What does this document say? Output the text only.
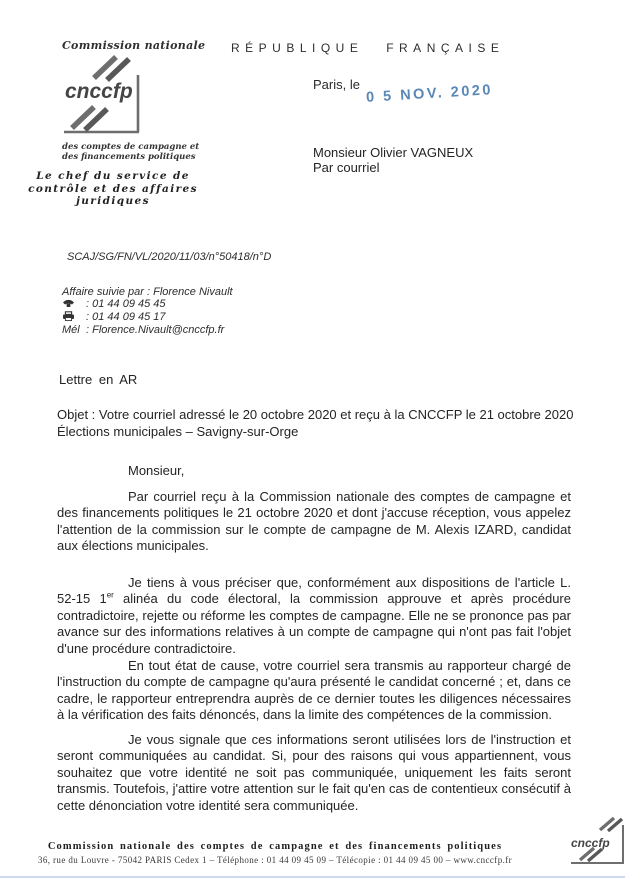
Commission nationale
cnccfp
des comptes de campagne et
des financements politiques
Le chef du service de
contrôle et des affaires
juridiques
RÉPUBLIQUE FRANÇAISE
Paris, le 0 5 NOV. 2020
Monsieur Olivier VAGNEUX
Par courriel
SCAJ/SG/FN/VL/2020/11/03/n°50418/n°D
Affaire suivie par : Florence Nivault
: 01 44 09 45 45
: 01 44 09 45 17
Mél : Florence.Nivault@cnccfp.fr
Lettre en AR
Objet : Votre courriel adressé le 20 octobre 2020 et reçu à la CNCCFP le 21 octobre 2020
Élections municipales – Savigny-sur-Orge
Monsieur,
Par courriel reçu à la Commission nationale des comptes de campagne et des financements politiques le 21 octobre 2020 et dont j'accuse réception, vous appelez l'attention de la commission sur le compte de campagne de M. Alexis IZARD, candidat aux élections municipales.
Je tiens à vous préciser que, conformément aux dispositions de l'article L. 52-15 1er alinéa du code électoral, la commission approuve et après procédure contradictoire, rejette ou réforme les comptes de campagne. Elle ne se prononce pas par avance sur des informations relatives à un compte de campagne qui n'ont pas fait l'objet d'une procédure contradictoire.
En tout état de cause, votre courriel sera transmis au rapporteur chargé de l'instruction du compte de campagne qu'aura présenté le candidat concerné ; et, dans ce cadre, le rapporteur entreprendra auprès de ce dernier toutes les diligences nécessaires à la vérification des faits dénoncés, dans la limite des compétences de la commission.
Je vous signale que ces informations seront utilisées lors de l'instruction et seront communiquées au candidat. Si, pour des raisons qui vous appartiennent, vous souhaitez que votre identité ne soit pas communiquée, uniquement les faits seront transmis. Toutefois, j'attire votre attention sur le fait qu'en cas de contentieux consécutif à cette dénonciation votre identité sera communiquée.
Commission nationale des comptes de campagne et des financements politiques
36, rue du Louvre - 75042 PARIS Cedex 1 – Téléphone : 01 44 09 45 09 – Télécopie : 01 44 09 45 00 – www.cnccfp.fr
cnccfp
